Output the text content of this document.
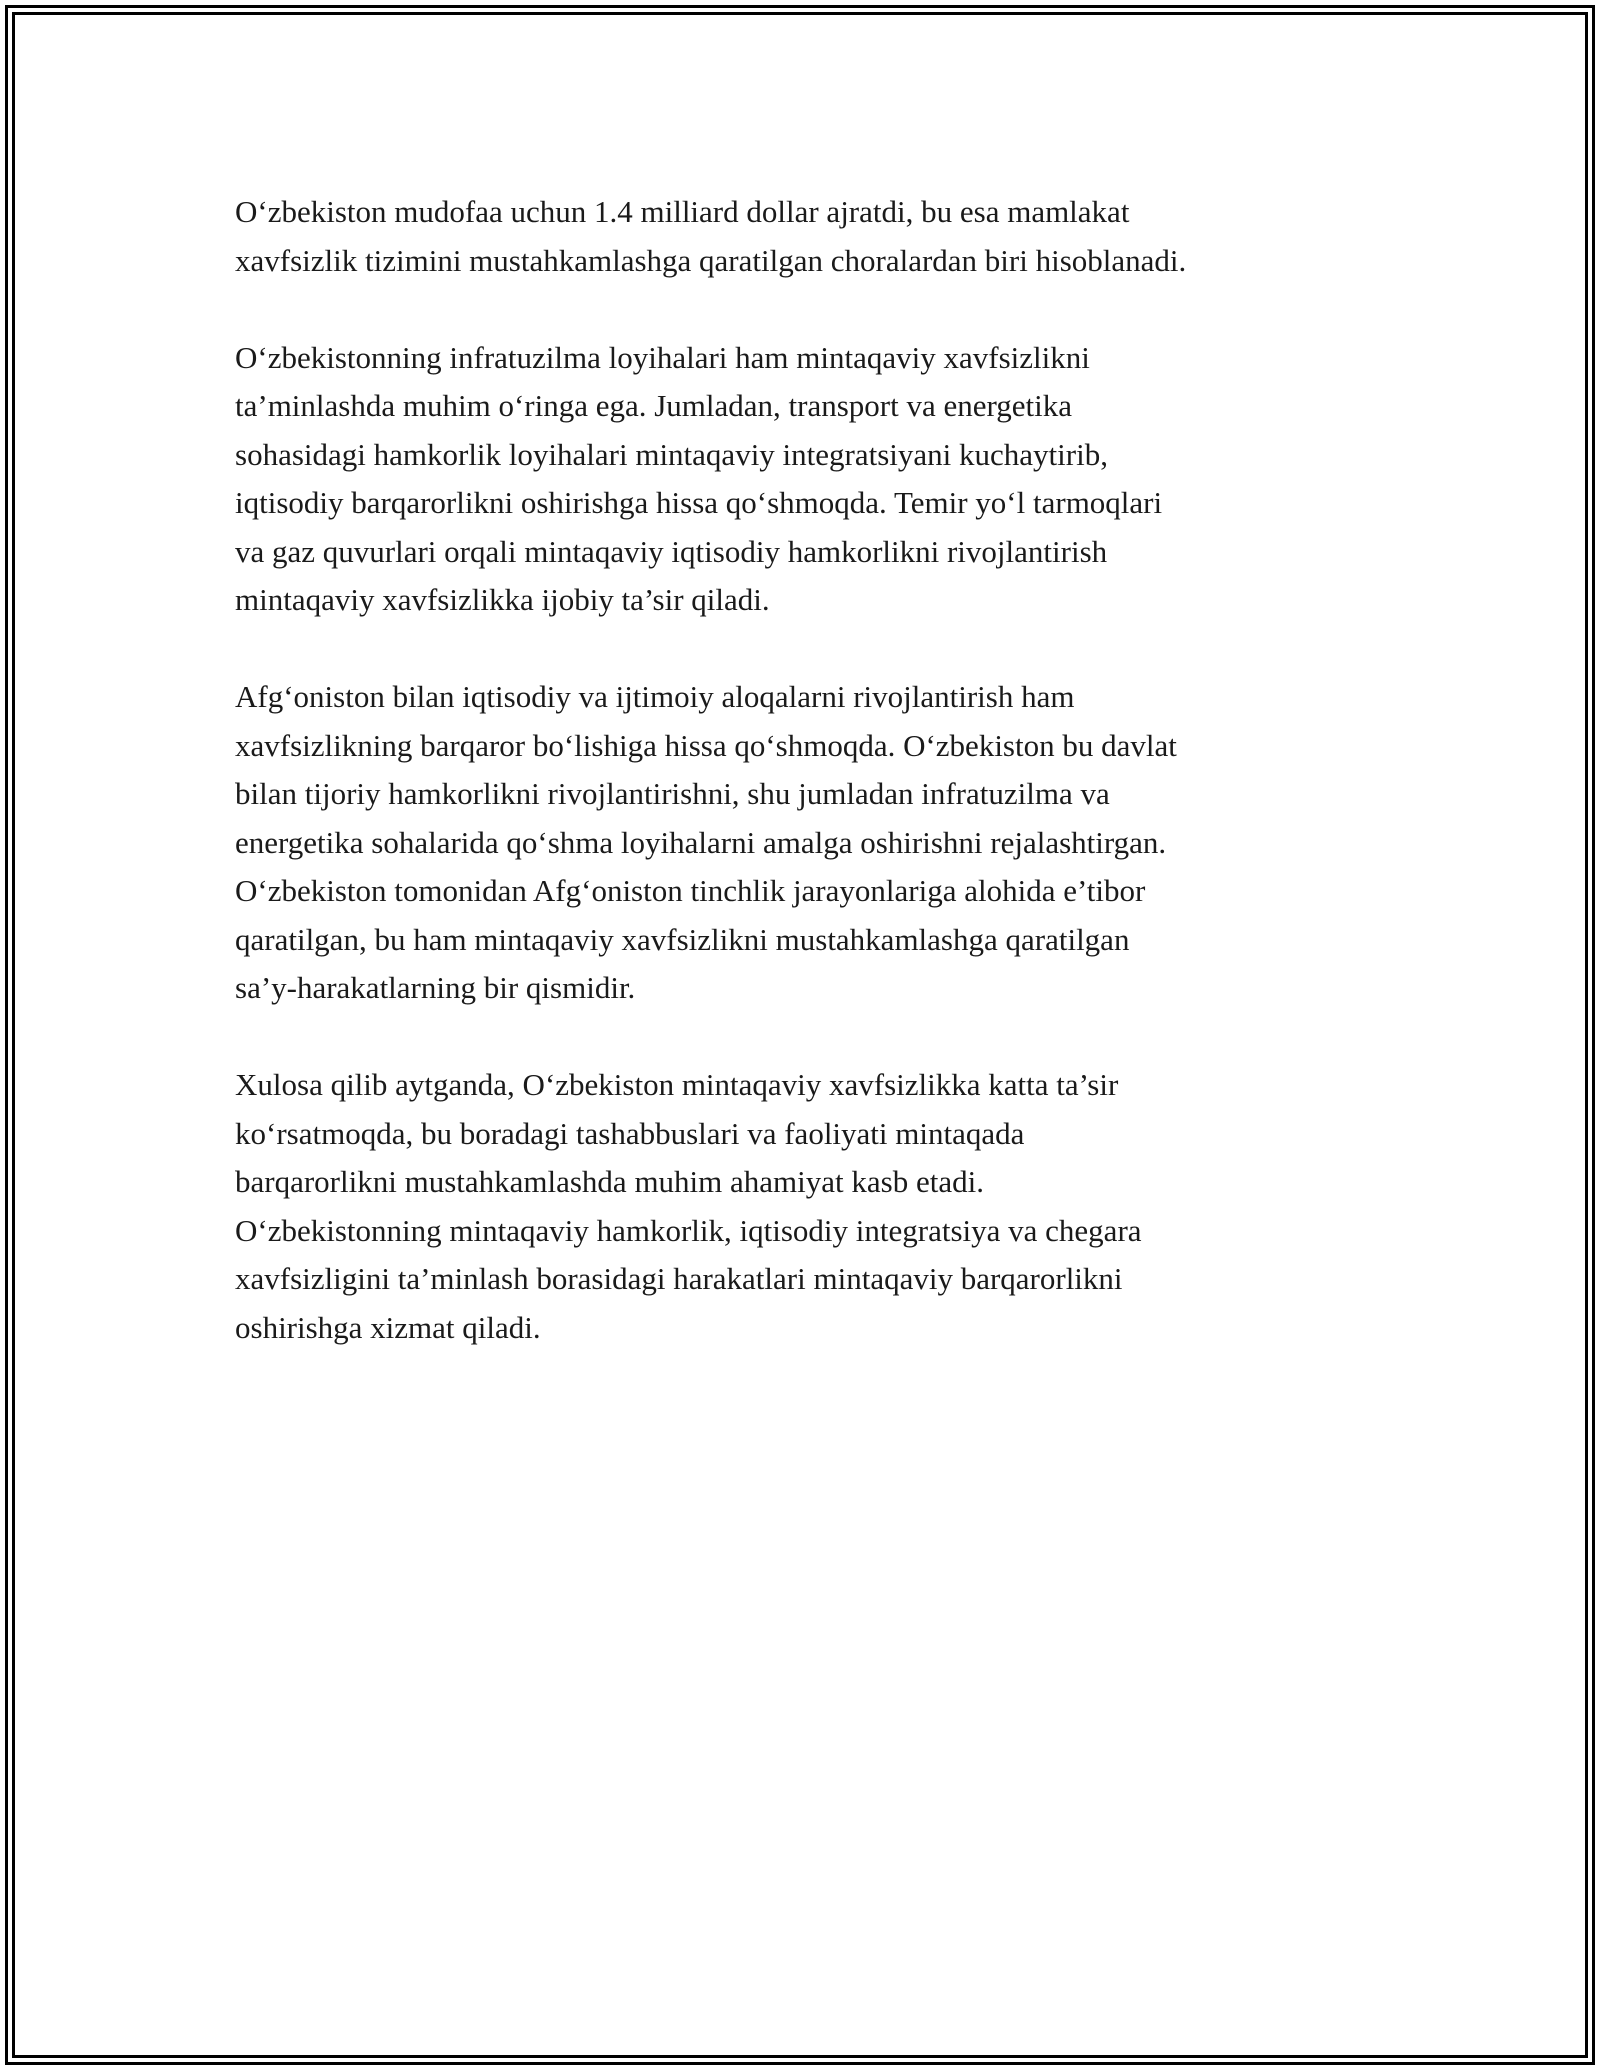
O‘zbekiston mudofaa uchun 1.4 milliard dollar ajratdi, bu esa mamlakat
xavfsizlik tizimini mustahkamlashga qaratilgan choralardan biri hisoblanadi.

O‘zbekistonning infratuzilma loyihalari ham mintaqaviy xavfsizlikni
ta’minlashda muhim o‘ringa ega. Jumladan, transport va energetika
sohasidagi hamkorlik loyihalari mintaqaviy integratsiyani kuchaytirib,
iqtisodiy barqarorlikni oshirishga hissa qo‘shmoqda. Temir yo‘l tarmoqlari
va gaz quvurlari orqali mintaqaviy iqtisodiy hamkorlikni rivojlantirish
mintaqaviy xavfsizlikka ijobiy ta’sir qiladi.

Afg‘oniston bilan iqtisodiy va ijtimoiy aloqalarni rivojlantirish ham
xavfsizlikning barqaror bo‘lishiga hissa qo‘shmoqda. O‘zbekiston bu davlat
bilan tijoriy hamkorlikni rivojlantirishni, shu jumladan infratuzilma va
energetika sohalarida qo‘shma loyihalarni amalga oshirishni rejalashtirgan.
O‘zbekiston tomonidan Afg‘oniston tinchlik jarayonlariga alohida e’tibor
qaratilgan, bu ham mintaqaviy xavfsizlikni mustahkamlashga qaratilgan
sa’y-harakatlarning bir qismidir.

Xulosa qilib aytganda, O‘zbekiston mintaqaviy xavfsizlikka katta ta’sir
ko‘rsatmoqda, bu boradagi tashabbuslari va faoliyati mintaqada
barqarorlikni mustahkamlashda muhim ahamiyat kasb etadi.
O‘zbekistonning mintaqaviy hamkorlik, iqtisodiy integratsiya va chegara
xavfsizligini ta’minlash borasidagi harakatlari mintaqaviy barqarorlikni
oshirishga xizmat qiladi.
